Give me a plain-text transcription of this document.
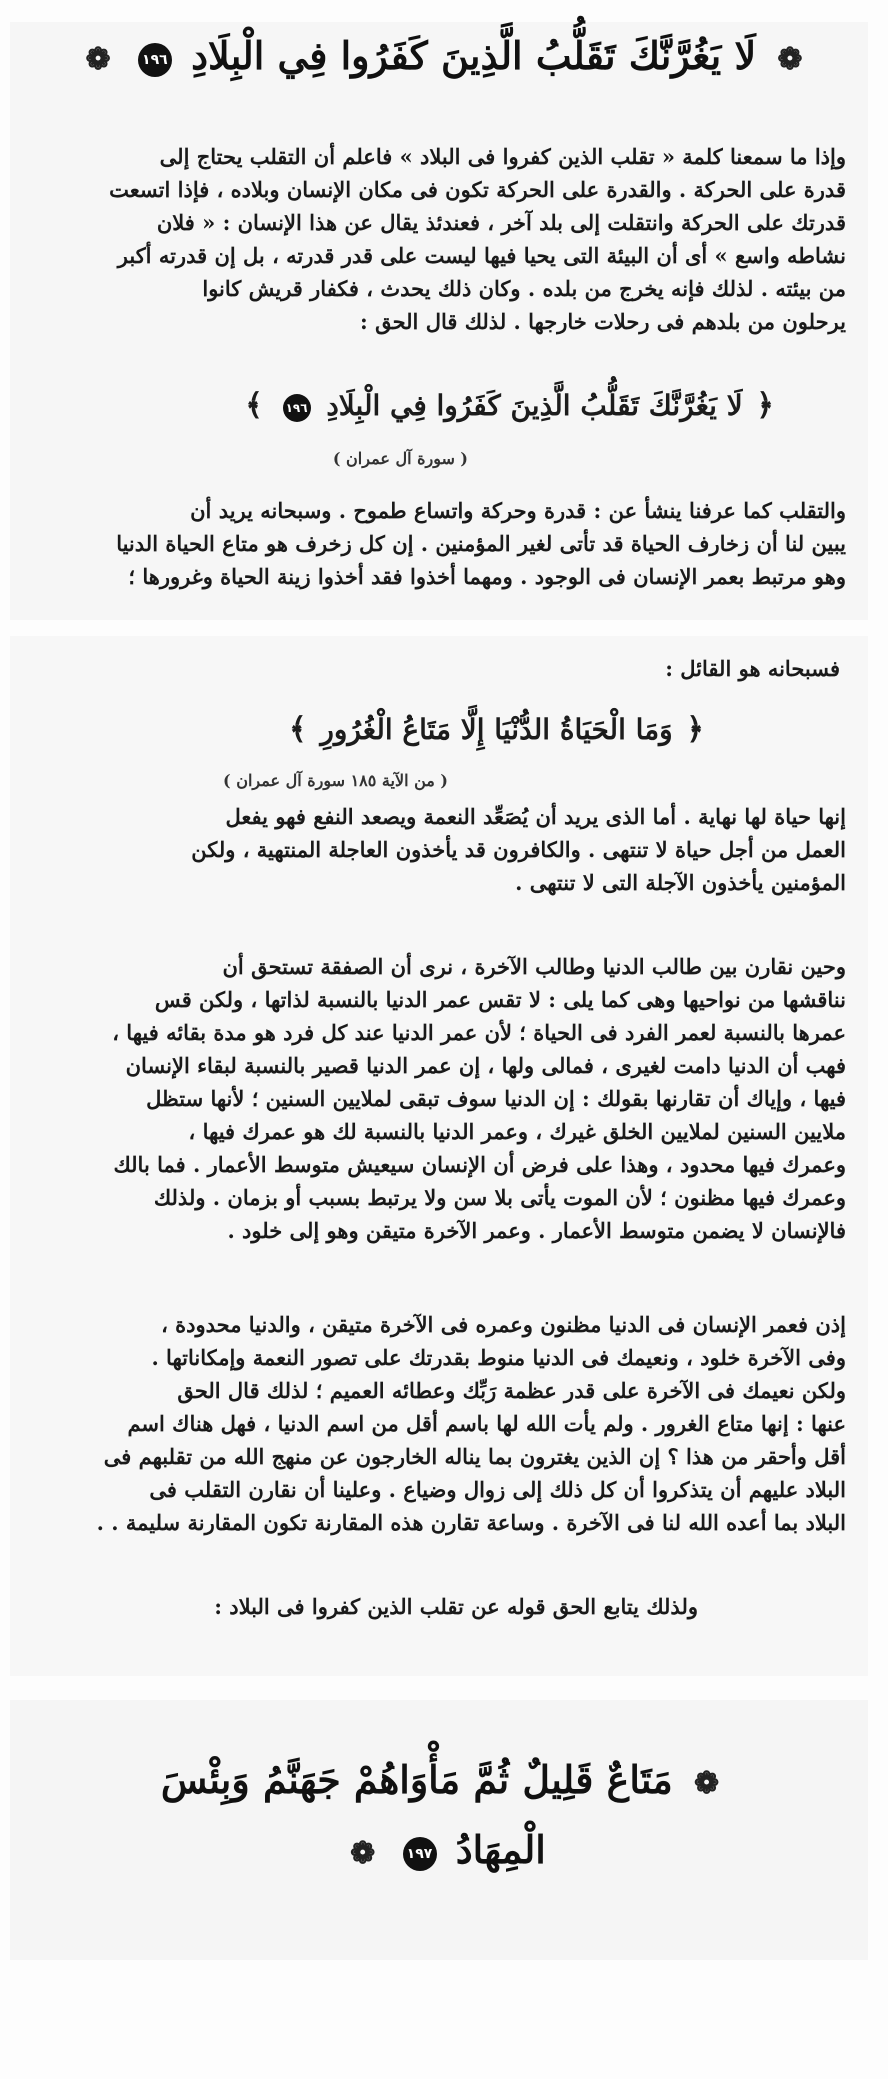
❁ لَا يَغُرَّنَّكَ تَقَلُّبُ الَّذِينَ كَفَرُوا فِي الْبِلَادِ ١٩٦ ❁
وإذا ما سمعنا كلمة « تقلب الذين كفروا فى البلاد » فاعلم أن التقلب يحتاج إلى
قدرة على الحركة . والقدرة على الحركة تكون فى مكان الإنسان وبلاده ، فإذا اتسعت
قدرتك على الحركة وانتقلت إلى بلد آخر ، فعندئذ يقال عن هذا الإنسان : « فلان
نشاطه واسع » أى أن البيئة التى يحيا فيها ليست على قدر قدرته ، بل إن قدرته أكبر
من بيئته . لذلك فإنه يخرج من بلده . وكان ذلك يحدث ، فكفار قريش كانوا
يرحلون من بلدهم فى رحلات خارجها . لذلك قال الحق :
﴿ لَا يَغُرَّنَّكَ تَقَلُّبُ الَّذِينَ كَفَرُوا فِي الْبِلَادِ ١٩٦ ﴾
( سورة آل عمران )
والتقلب كما عرفنا ينشأ عن : قدرة وحركة واتساع طموح . وسبحانه يريد أن
يبين لنا أن زخارف الحياة قد تأتى لغير المؤمنين . إن كل زخرف هو متاع الحياة الدنيا
وهو مرتبط بعمر الإنسان فى الوجود . ومهما أخذوا فقد أخذوا زينة الحياة وغرورها ؛
فسبحانه هو القائل :
﴿ وَمَا الْحَيَاةُ الدُّنْيَا إِلَّا مَتَاعُ الْغُرُورِ ﴾
( من الآية ١٨٥ سورة آل عمران )
إنها حياة لها نهاية . أما الذى يريد أن يُصَعِّد النعمة ويصعد النفع فهو يفعل
العمل من أجل حياة لا تنتهى . والكافرون قد يأخذون العاجلة المنتهية ، ولكن
المؤمنين يأخذون الآجلة التى لا تنتهى .
وحين نقارن بين طالب الدنيا وطالب الآخرة ، نرى أن الصفقة تستحق أن
نناقشها من نواحيها وهى كما يلى : لا تقس عمر الدنيا بالنسبة لذاتها ، ولكن قس
عمرها بالنسبة لعمر الفرد فى الحياة ؛ لأن عمر الدنيا عند كل فرد هو مدة بقائه فيها ،
فهب أن الدنيا دامت لغيرى ، فمالى ولها ، إن عمر الدنيا قصير بالنسبة لبقاء الإنسان
فيها ، وإياك أن تقارنها بقولك : إن الدنيا سوف تبقى لملايين السنين ؛ لأنها ستظل
ملايين السنين لملايين الخلق غيرك ، وعمر الدنيا بالنسبة لك هو عمرك فيها ،
وعمرك فيها محدود ، وهذا على فرض أن الإنسان سيعيش متوسط الأعمار . فما بالك
وعمرك فيها مظنون ؛ لأن الموت يأتى بلا سن ولا يرتبط بسبب أو بزمان . ولذلك
فالإنسان لا يضمن متوسط الأعمار . وعمر الآخرة متيقن وهو إلى خلود .
إذن فعمر الإنسان فى الدنيا مظنون وعمره فى الآخرة متيقن ، والدنيا محدودة ،
وفى الآخرة خلود ، ونعيمك فى الدنيا منوط بقدرتك على تصور النعمة وإمكاناتها .
ولكن نعيمك فى الآخرة على قدر عظمة رَبِّك وعطائه العميم ؛ لذلك قال الحق
عنها : إنها متاع الغرور . ولم يأت الله لها باسم أقل من اسم الدنيا ، فهل هناك اسم
أقل وأحقر من هذا ؟ إن الذين يغترون بما يناله الخارجون عن منهج الله من تقلبهم فى
البلاد عليهم أن يتذكروا أن كل ذلك إلى زوال وضياع . وعلينا أن نقارن التقلب فى
البلاد بما أعده الله لنا فى الآخرة . وساعة تقارن هذه المقارنة تكون المقارنة سليمة . .
ولذلك يتابع الحق قوله عن تقلب الذين كفروا فى البلاد :
❁ مَتَاعٌ قَلِيلٌ ثُمَّ مَأْوَاهُمْ جَهَنَّمُ وَبِئْسَ
الْمِهَادُ ١٩٧ ❁
